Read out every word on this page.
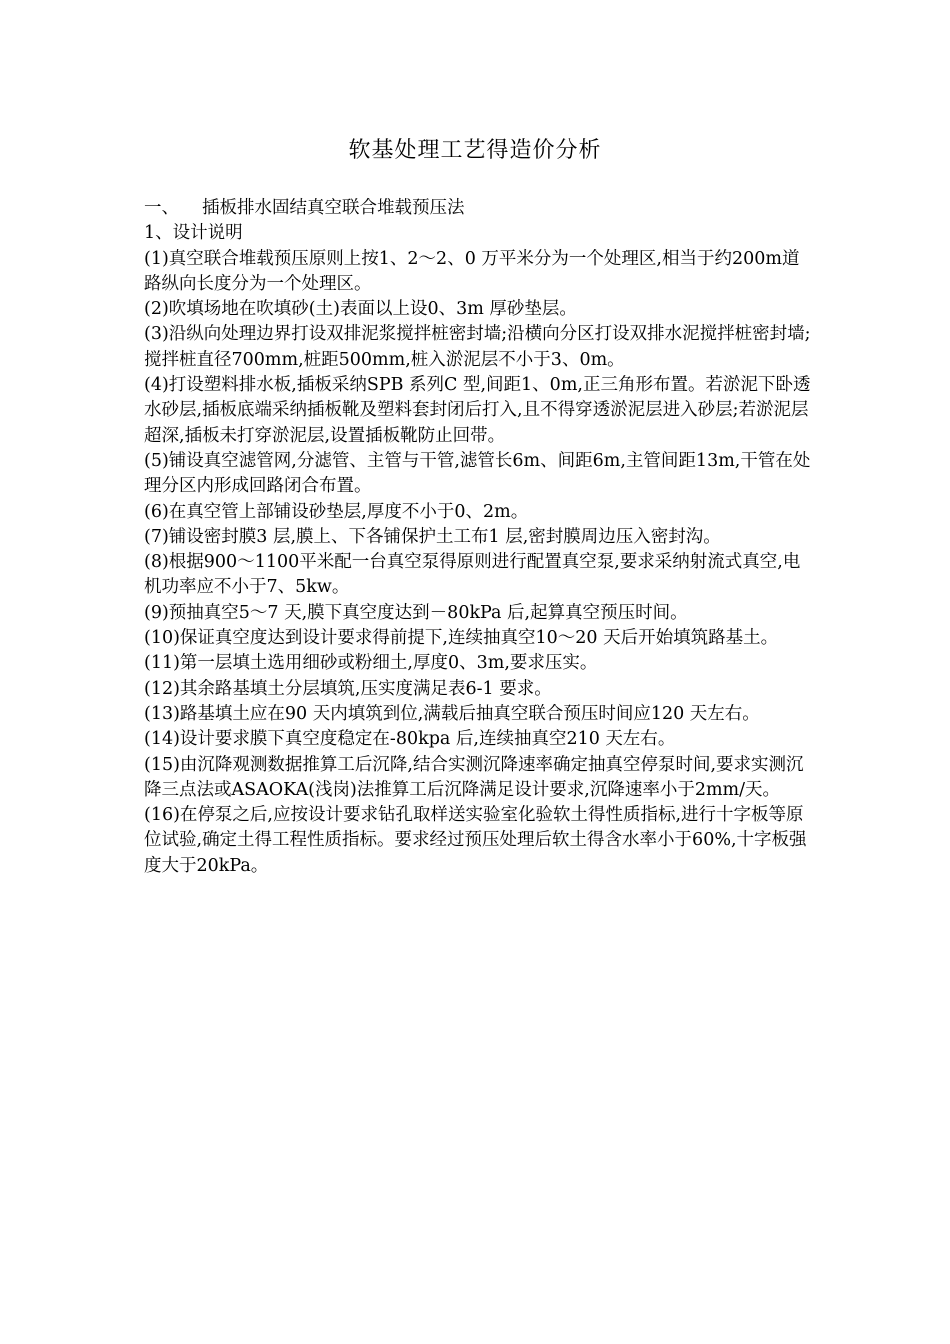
软基处理工艺得造价分析

一、 插板排水固结真空联合堆载预压法

1、设计说明

(1)真空联合堆载预压原则上按1、2～2、0 万平米分为一个处理区,相当于约200m道路纵向长度分为一个处理区。

(2)吹填场地在吹填砂(土)表面以上设0、3m 厚砂垫层。

(3)沿纵向处理边界打设双排泥浆搅拌桩密封墙;沿横向分区打设双排水泥搅拌桩密封墙;搅拌桩直径700mm,桩距500mm,桩入淤泥层不小于3、0m。

(4)打设塑料排水板,插板采纳SPB 系列C 型,间距1、0m,正三角形布置。若淤泥下卧透水砂层,插板底端采纳插板靴及塑料套封闭后打入,且不得穿透淤泥层进入砂层;若淤泥层超深,插板未打穿淤泥层,设置插板靴防止回带。

(5)铺设真空滤管网,分滤管、主管与干管,滤管长6m、间距6m,主管间距13m,干管在处理分区内形成回路闭合布置。

(6)在真空管上部铺设砂垫层,厚度不小于0、2m。

(7)铺设密封膜3 层,膜上、下各铺保护土工布1 层,密封膜周边压入密封沟。

(8)根据900～1100平米配一台真空泵得原则进行配置真空泵,要求采纳射流式真空,电机功率应不小于7、5kw。

(9)预抽真空5～7 天,膜下真空度达到－80kPa 后,起算真空预压时间。

(10)保证真空度达到设计要求得前提下,连续抽真空10～20 天后开始填筑路基土。

(11)第一层填土选用细砂或粉细土,厚度0、3m,要求压实。

(12)其余路基填土分层填筑,压实度满足表6-1 要求。

(13)路基填土应在90 天内填筑到位,满载后抽真空联合预压时间应120 天左右。

(14)设计要求膜下真空度稳定在-80kpa 后,连续抽真空210 天左右。

(15)由沉降观测数据推算工后沉降,结合实测沉降速率确定抽真空停泵时间,要求实测沉降三点法或ASAOKA(浅岗)法推算工后沉降满足设计要求,沉降速率小于2mm/天。

(16)在停泵之后,应按设计要求钻孔取样送实验室化验软土得性质指标,进行十字板等原位试验,确定土得工程性质指标。要求经过预压处理后软土得含水率小于60%,十字板强度大于20kPa。
